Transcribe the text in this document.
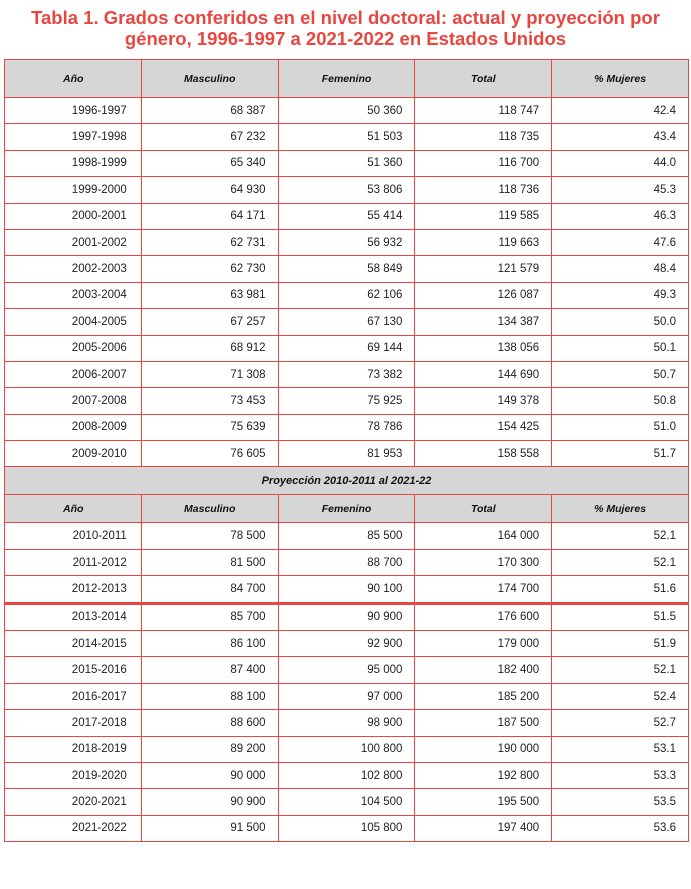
Tabla 1. Grados conferidos en el nivel doctoral: actual y proyección por
género, 1996-1997 a 2021-2022 en Estados Unidos
Año	Masculino	Femenino	Total	% Mujeres
1996-1997	68 387	50 360	118 747	42.4
1997-1998	67 232	51 503	118 735	43.4
1998-1999	65 340	51 360	116 700	44.0
1999-2000	64 930	53 806	118 736	45.3
2000-2001	64 171	55 414	119 585	46.3
2001-2002	62 731	56 932	119 663	47.6
2002-2003	62 730	58 849	121 579	48.4
2003-2004	63 981	62 106	126 087	49.3
2004-2005	67 257	67 130	134 387	50.0
2005-2006	68 912	69 144	138 056	50.1
2006-2007	71 308	73 382	144 690	50.7
2007-2008	73 453	75 925	149 378	50.8
2008-2009	75 639	78 786	154 425	51.0
2009-2010	76 605	81 953	158 558	51.7
Proyección 2010-2011 al 2021-22				
Año	Masculino	Femenino	Total	% Mujeres
2010-2011	78 500	85 500	164 000	52.1
2011-2012	81 500	88 700	170 300	52.1
2012-2013	84 700	90 100	174 700	51.6
2013-2014	85 700	90 900	176 600	51.5
2014-2015	86 100	92 900	179 000	51.9
2015-2016	87 400	95 000	182 400	52.1
2016-2017	88 100	97 000	185 200	52.4
2017-2018	88 600	98 900	187 500	52.7
2018-2019	89 200	100 800	190 000	53.1
2019-2020	90 000	102 800	192 800	53.3
2020-2021	90 900	104 500	195 500	53.5
2021-2022	91 500	105 800	197 400	53.6
